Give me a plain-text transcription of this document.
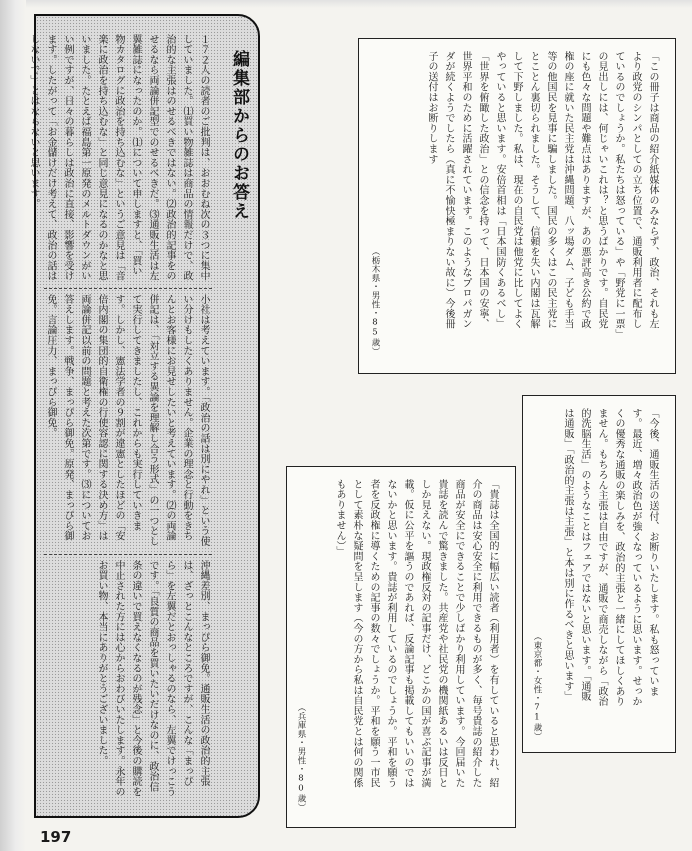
編集部からのお答え

１７２人の読者のご批判は、おおむね次の３つに集中していました。⑴買い物雑誌は商品の情報だけで、政治的な主張はのせるべきではない。⑵政治的記事をのせるなら両論併記型でのせるべきだ。⑶通販生活は左翼雑誌になったのか。⑴について申しますと、「買い物カタログに政治を持ち込むな」というご意見は「音楽に政治を持ち込むな」と同じ意見になるのかなと思いました。たとえば福島第一原発のメルトダウンがいい例ですが、日々の暮らしは政治に直接、影響を受けます。したがって「お金儲けだけ考えて、政治の話はしないで」とはならないと思います。

小社は考えています。「政治の話は別にやれ」という使い分けもしたくありません。企業の理念と行動をきちんとお客様にお見せしたいと考えています。⑵の両論併記は、「対立する異論を理解し合う形式」の一つとして実行してきましたし、これからも実行していきます。しかし、憲法学者の９割が違憲としたほどの「安倍内閣の集団的自衛権の行使容認に関する決め方」は両論併記以前の問題と考えた次第です。⑶についてお答えします。戦争、まっぴら御免。原発、まっぴら御免。言論圧力、まっぴら御免。

沖縄差別、まっぴら御免。通販生活の政治的主張は、ざっとこんなところですが、こんな「まっぴら」を左翼だとおっしゃるのなら、左翼でけっこうです。「良質の商品を買いたいだけなのに、政治信条の違いで買えなくなるのが残念」と今後の購読を中止された方には心からおわびいたします。永年のお買い物、本当にありがとうございました。

「この冊子は商品の紹介紙媒体のみならず、政治、それも左より政党のシンパとしての立ち位置で、通販利用者に配布しているのでしょうか。私たちは怒っている」や「野党に一票」の見出しには、何じゃいこれは？と思うばかりです。自民党にも色々な問題や難点はありますが、あの悪評高き公約で政権の座に就いた民主党は沖縄問題、八ッ場ダム、子ども手当等の他国民を見事に騙しました。国民の多くはこの民主党にとことん裏切られました。そうして、信頼を失い内閣は瓦解して下野しました。私は、現在の自民党は他党に比してよくやっていると思います。安倍首相は「日本国防くあるべし」「世界を俯瞰した政治」との信念を持って、日本国の安寧、世界平和のために活躍されています。このようなプロパガンダが続くようでしたら（真に不愉快極まりない故に）今後冊子の送付はお断りします

（栃木県・男性・85歳）

「今後、通販生活の送付、お断りいたします。私も怒っています。最近、増々政治色が強くなっているように思います。せっかくの優秀な通販の楽しみを、政治的主張と一緒にしてほしくありません。もちろん主張は自由ですが、通販で商売しながら「政治的洗脳生活」のようなことはフェアではないと思います。「通販は通販」「政治的主張は主張」と本は別に作るべきと思います」

（東京都・女性・71歳）

「貴誌は全国的に幅広い読者（利用者）を有していると思われ、紹介の商品は安心安全に利用できるものが多く、毎号貴誌の紹介した商品が安全にできることで少しばかり利用しています。今回届いた貴誌を読んで驚きました。共産党や社民党の機関紙あるいは反日としか見えない。現政権反対の記事だけ、どこかの国が喜ぶ記事が満載。仮に公平を謳うのであれば、反論記事も掲載してもいいのではないかと思います。貴誌が利用しているのでしょうか。平和を願う者を反政権に導くための記事の数々でしょうか。平和を願う一市民として素朴な疑問を呈します（今の方から私は自民党とは何の関係もありません）」

（兵庫県・男性・80歳）
197
